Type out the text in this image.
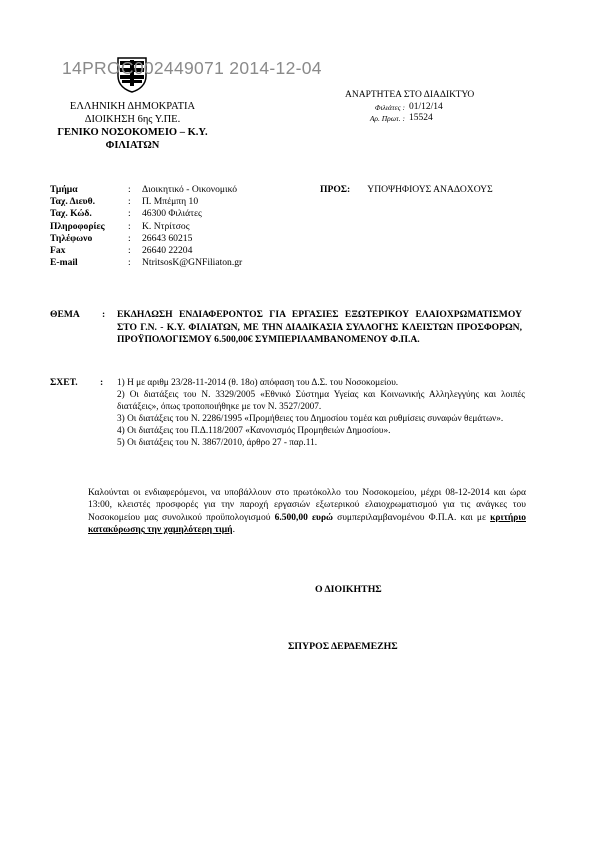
14PROC002449071 2014-12-04
ΕΛΛΗΝΙΚΗ ΔΗΜΟΚΡΑΤΙΑ
ΔΙΟΙΚΗΣΗ 6ης Υ.ΠΕ.
ΓΕΝΙΚΟ ΝΟΣΟΚΟΜΕΙΟ – Κ.Υ.
ΦΙΛΙΑΤΩΝ
ΑΝΑΡΤΗΤΕΑ ΣΤΟ ΔΙΑΔΙΚΤΥΟ
Φιλιάτες : 01/12/14
Αρ. Πρωτ. : 15524
Τμήμα	:	Διοικητικό - Οικονομικό
Ταχ. Διευθ.	:	Π. Μπέμπη 10
Ταχ. Κώδ.	:	46300 Φιλιάτες
Πληροφορίες	:	Κ. Ντρίτσος
Τηλέφωνο	:	26643 60215
Fax	:	26640 22204
E-mail	:	NtritsosK@GNFiliaton.gr
ΠΡΟΣ: ΥΠΟΨΗΦΙΟΥΣ ΑΝΑΔΟΧΟΥΣ
ΘΕΜΑ : ΕΚΔΗΛΩΣΗ ΕΝΔΙΑΦΕΡΟΝΤΟΣ ΓΙΑ ΕΡΓΑΣΙΕΣ ΕΞΩΤΕΡΙΚΟΥ ΕΛΑΙΟΧΡΩΜΑΤΙΣΜΟΥ ΣΤΟ Γ.Ν. - Κ.Υ. ΦΙΛΙΑΤΩΝ, ΜΕ ΤΗΝ ΔΙΑΔΙΚΑΣΙΑ ΣΥΛΛΟΓΗΣ ΚΛΕΙΣΤΩΝ ΠΡΟΣΦΟΡΩΝ, ΠΡΟΫΠΟΛΟΓΙΣΜΟΥ 6.500,00€ ΣΥΜΠΕΡΙΛΑΜΒΑΝΟΜΕΝΟΥ Φ.Π.Α.
ΣΧΕΤ. : 1) Η με αριθμ 23/28-11-2014 (θ. 18ο) απόφαση του Δ.Σ. του Νοσοκομείου.
2) Οι διατάξεις του Ν. 3329/2005 «Εθνικό Σύστημα Υγείας και Κοινωνικής Αλληλεγγύης και λοιπές διατάξεις», όπως τροποποιήθηκε με τον Ν. 3527/2007.
3) Οι διατάξεις του Ν. 2286/1995 «Προμήθειες του Δημοσίου τομέα και ρυθμίσεις συναφών θεμάτων».
4) Οι διατάξεις του Π.Δ.118/2007 «Κανονισμός Προμηθειών Δημοσίου».
5) Οι διατάξεις του Ν. 3867/2010, άρθρο 27 - παρ.11.
Καλούνται οι ενδιαφερόμενοι, να υποβάλλουν στο πρωτόκολλο του Νοσοκομείου, μέχρι 08-12-2014 και ώρα 13:00, κλειστές προσφορές για την παροχή εργασιών εξωτερικού ελαιοχρωματισμού για τις ανάγκες του Νοσοκομείου μας συνολικού προϋπολογισμού 6.500,00 ευρώ συμπεριλαμβανομένου Φ.Π.Α. και με κριτήριο κατακύρωσης την χαμηλότερη τιμή.
Ο ΔΙΟΙΚΗΤΗΣ
ΣΠΥΡΟΣ ΔΕΡΔΕΜΕΖΗΣ
